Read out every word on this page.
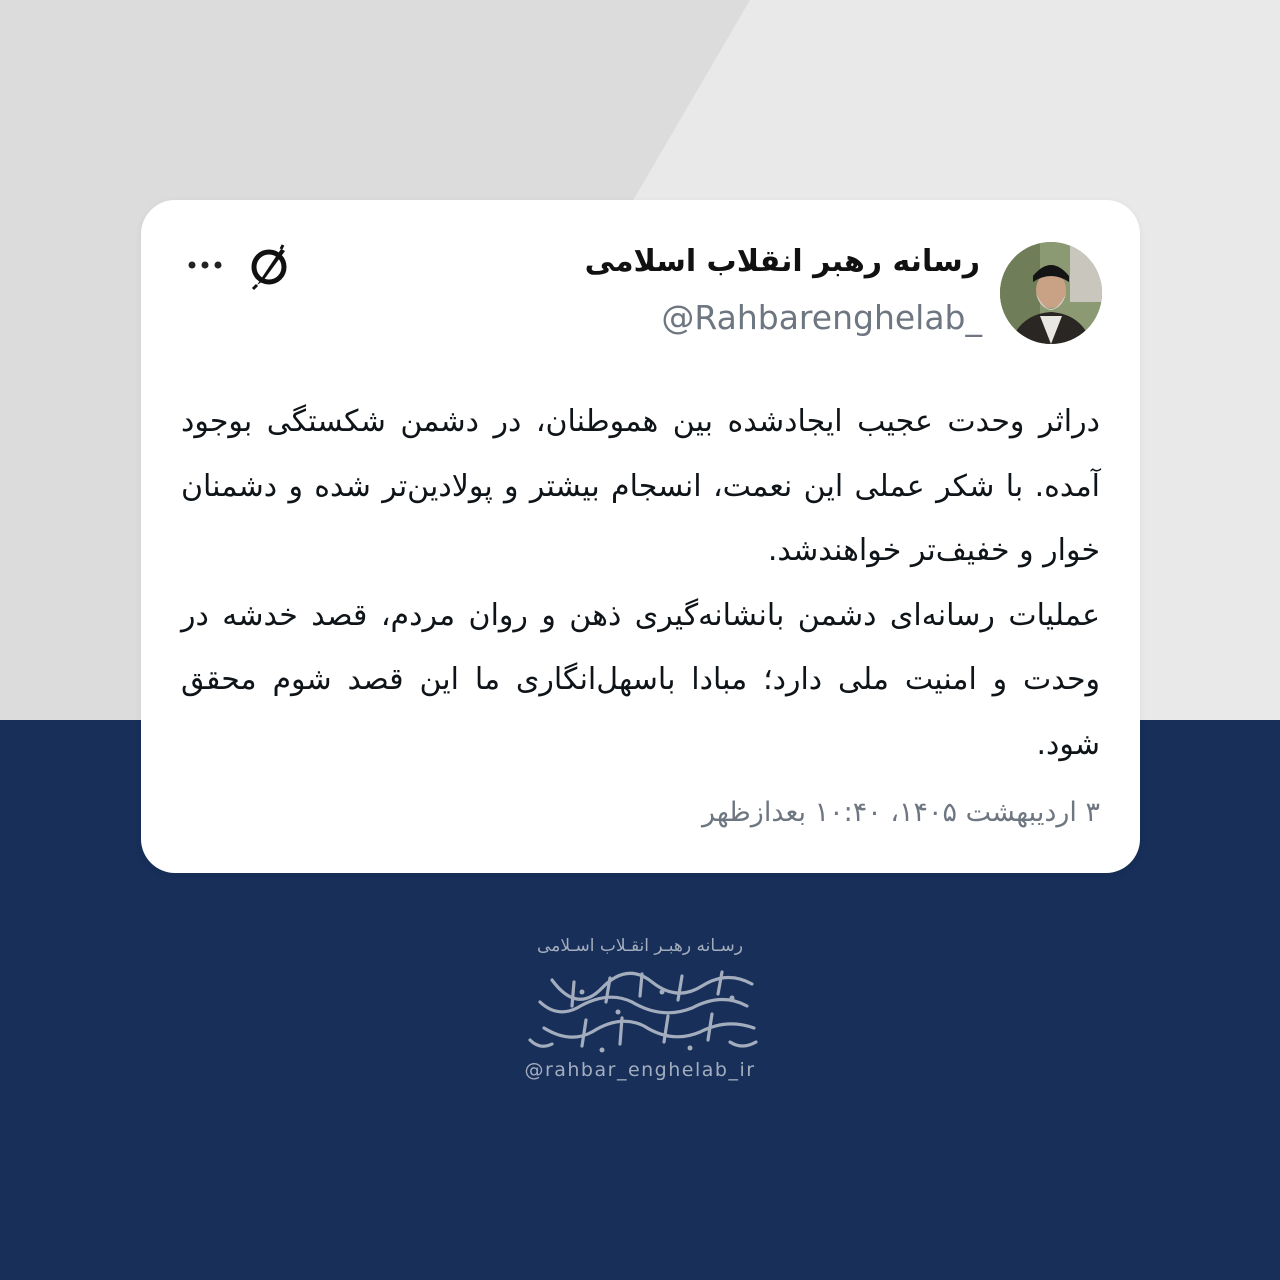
رسانه رهبر انقلاب اسلامی
@Rahbarenghelab_

دراثر وحدت عجیب ایجادشده بین هموطنان، در دشمن شکستگی بوجود آمده. با شکر عملی این نعمت، انسجام بیشتر و پولادین‌تر شده و دشمنان خوار و خفیف‌تر خواهندشد.

عملیات رسانه‌ای دشمن بانشانه‌گیری ذهن و روان مردم، قصد خدشه در وحدت و امنیت ملی دارد؛ مبادا باسهل‌انگاری ما این قصد شوم محقق شود.

۳ اردیبهشت ۱۴۰۵، ۱۰:۴۰ بعدازظهر
رسـانه رهبـر انقـلاب اسـلامی
@rahbar_enghelab_ir
